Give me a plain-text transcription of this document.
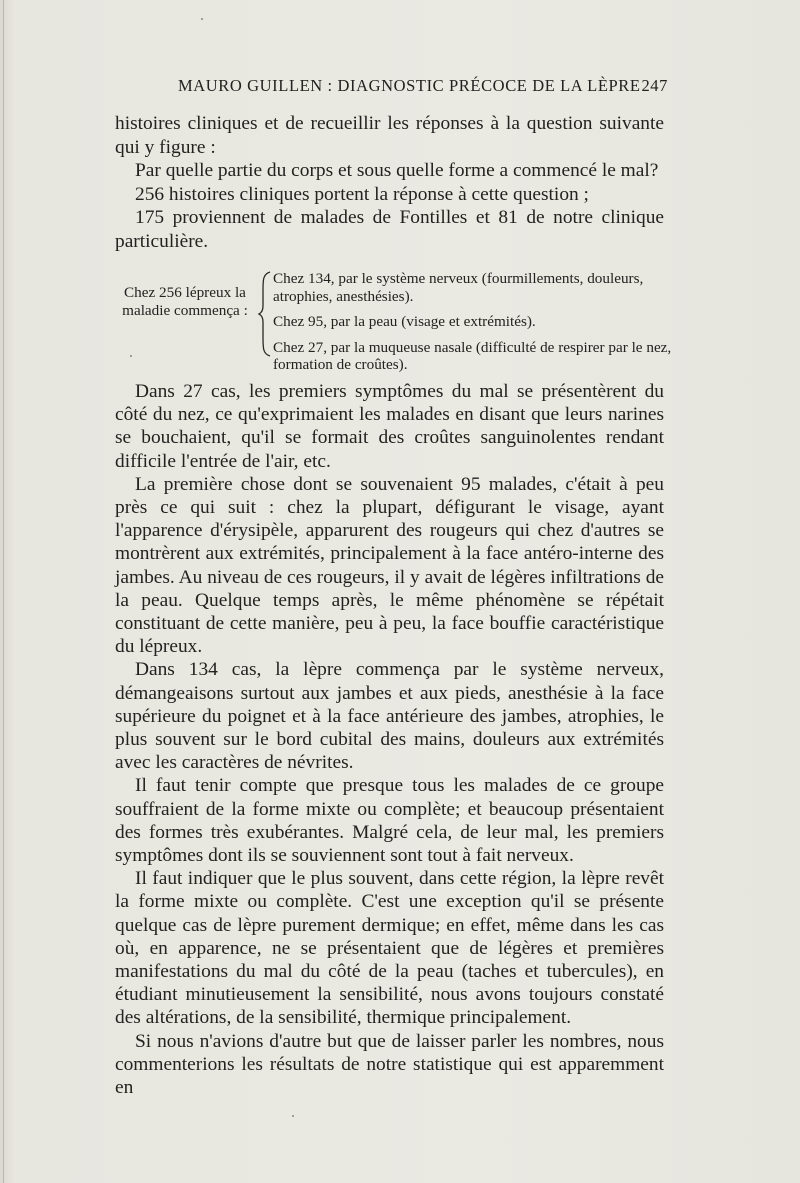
MAURO GUILLEN : DIAGNOSTIC PRÉCOCE DE LA LÈPRE 247

histoires cliniques et de recueillir les réponses à la question suivante qui y figure :

Par quelle partie du corps et sous quelle forme a commencé le mal?

256 histoires cliniques portent la réponse à cette question ;

175 proviennent de malades de Fontilles et 81 de notre clinique particulière.

Chez 256 lépreux la maladie commença :
Chez 134, par le système nerveux (fourmillements, douleurs, atrophies, anesthésies).
Chez 95, par la peau (visage et extrémités).
Chez 27, par la muqueuse nasale (difficulté de respirer par le nez, formation de croûtes).

Dans 27 cas, les premiers symptômes du mal se présentèrent du côté du nez, ce qu'exprimaient les malades en disant que leurs narines se bouchaient, qu'il se formait des croûtes sanguinolentes rendant difficile l'entrée de l'air, etc.

La première chose dont se souvenaient 95 malades, c'était à peu près ce qui suit : chez la plupart, défigurant le visage, ayant l'apparence d'érysipèle, apparurent des rougeurs qui chez d'autres se montrèrent aux extrémités, principalement à la face antéro-interne des jambes. Au niveau de ces rougeurs, il y avait de légères infiltrations de la peau. Quelque temps après, le même phénomène se répétait constituant de cette manière, peu à peu, la face bouffie caractéristique du lépreux.

Dans 134 cas, la lèpre commença par le système nerveux, démangeaisons surtout aux jambes et aux pieds, anesthésie à la face supérieure du poignet et à la face antérieure des jambes, atrophies, le plus souvent sur le bord cubital des mains, douleurs aux extrémités avec les caractères de névrites.

Il faut tenir compte que presque tous les malades de ce groupe souffraient de la forme mixte ou complète; et beaucoup présentaient des formes très exubérantes. Malgré cela, de leur mal, les premiers symptômes dont ils se souviennent sont tout à fait nerveux.

Il faut indiquer que le plus souvent, dans cette région, la lèpre revêt la forme mixte ou complète. C'est une exception qu'il se présente quelque cas de lèpre purement dermique; en effet, même dans les cas où, en apparence, ne se présentaient que de légères et premières manifestations du mal du côté de la peau (taches et tubercules), en étudiant minutieusement la sensibilité, nous avons toujours constaté des altérations, de la sensibilité, thermique principalement.

Si nous n'avions d'autre but que de laisser parler les nombres, nous commenterions les résultats de notre statistique qui est apparemment en
